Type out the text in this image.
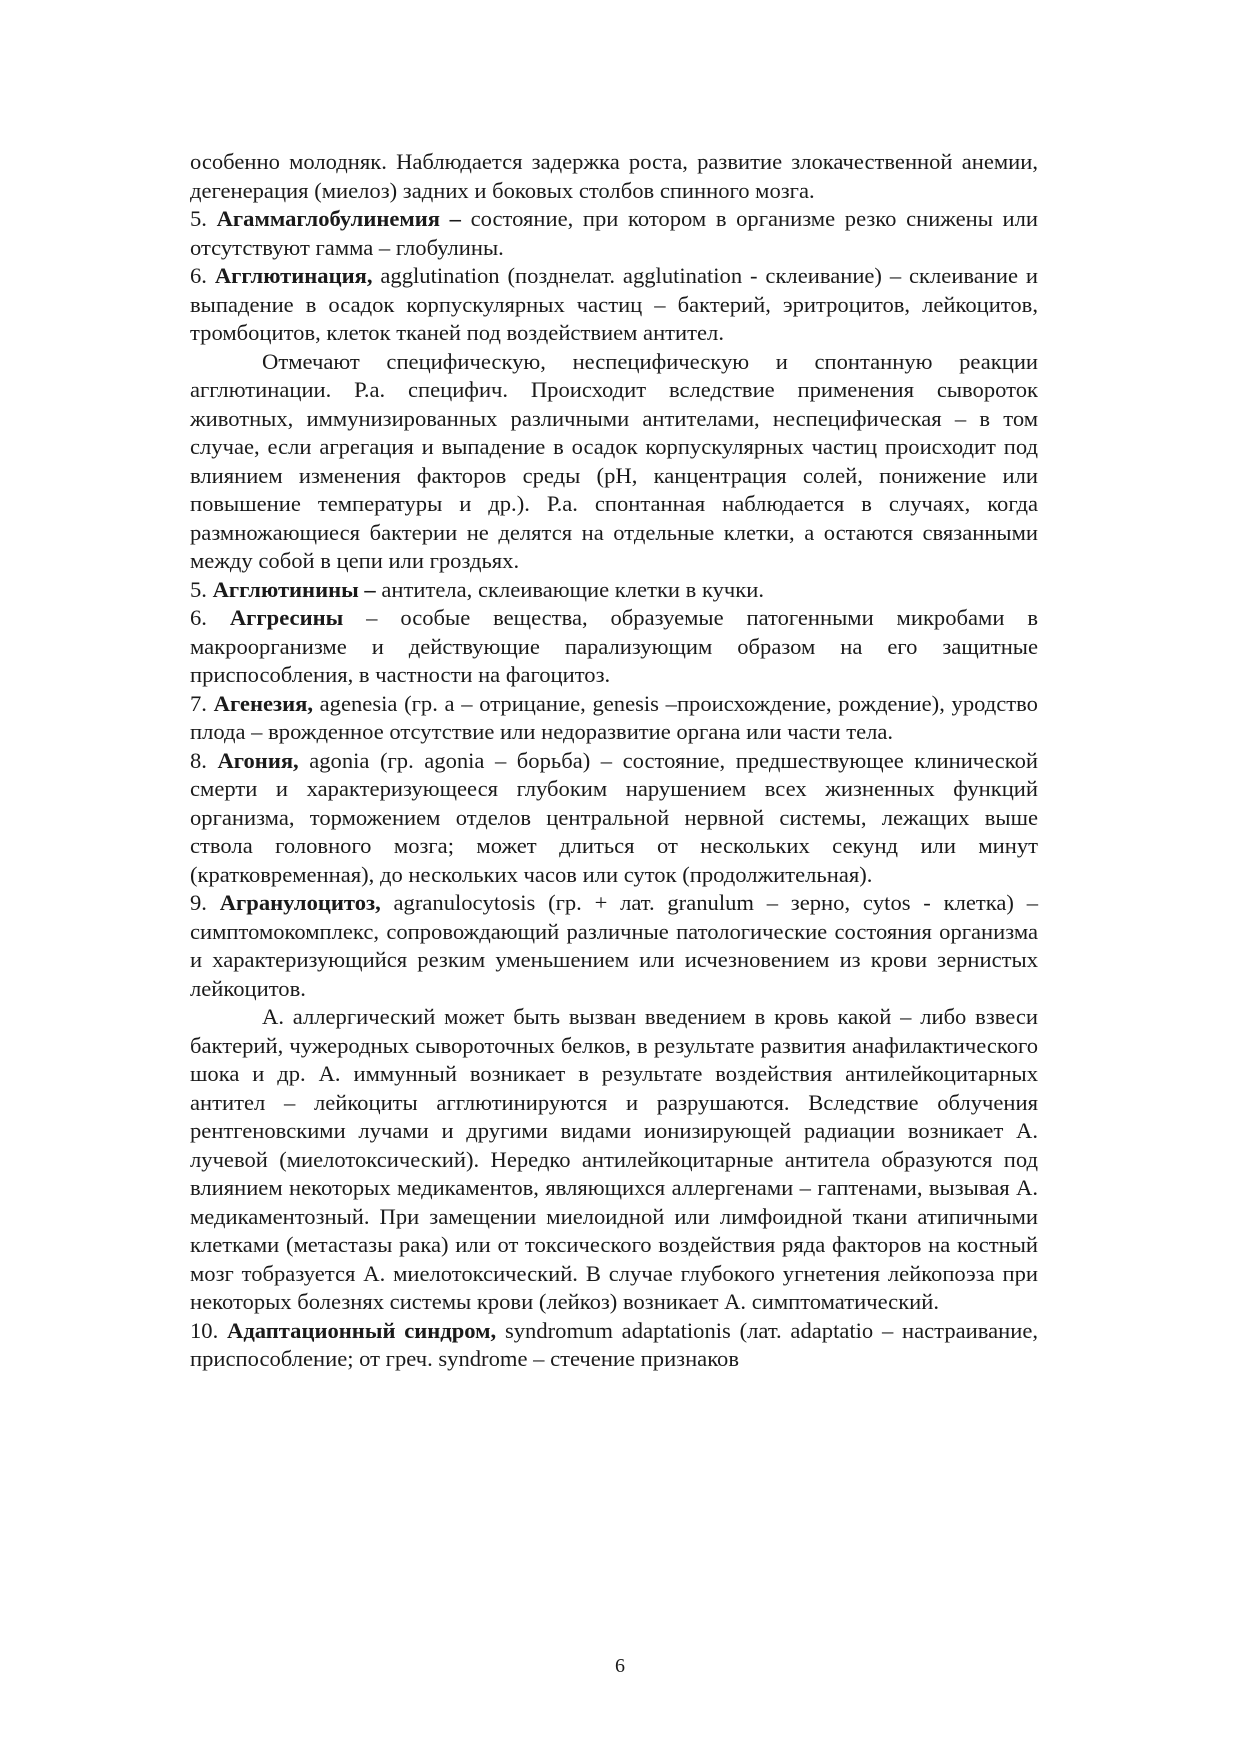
особенно молодняк. Наблюдается задержка роста, развитие злокачественной анемии, дегенерация (миелоз) задних и боковых столбов спинного мозга.

5. Агаммаглобулинемия – состояние, при котором в организме резко снижены или отсутствуют гамма – глобулины.

6. Агглютинация, agglutination (позднелат. agglutination - склеивание) – склеивание и выпадение в осадок корпускулярных частиц – бактерий, эритроцитов, лейкоцитов, тромбоцитов, клеток тканей под воздействием антител.

Отмечают специфическую, неспецифическую и спонтанную реакции агглютинации. Р.а. специфич. Происходит вследствие применения сывороток животных, иммунизированных различными антителами, неспецифическая – в том случае, если агрегация и выпадение в осадок корпускулярных частиц происходит под влиянием изменения факторов среды (pH, канцентрация солей, понижение или повышение температуры и др.). Р.а. спонтанная наблюдается в случаях, когда размножающиеся бактерии не делятся на отдельные клетки, а остаются связанными между собой в цепи или гроздьях.

5. Агглютинины – антитела, склеивающие клетки в кучки.

6. Аггресины – особые вещества, образуемые патогенными микробами в макроорганизме и действующие парализующим образом на его защитные приспособления, в частности на фагоцитоз.

7. Агенезия, agenesia (гр. а – отрицание, genesis –происхождение, рождение), уродство плода – врожденное отсутствие или недоразвитие органа или части тела.

8. Агония, agonia (гр. agonia – борьба) – состояние, предшествующее клинической смерти и характеризующееся глубоким нарушением всех жизненных функций организма, торможением отделов центральной нервной системы, лежащих выше ствола головного мозга; может длиться от нескольких секунд или минут (кратковременная), до нескольких часов или суток (продолжительная).

9. Агранулоцитоз, agranulocytosis (гр. + лат. granulum – зерно, cytos - клетка) – симптомокомплекс, сопровождающий различные патологические состояния организма и характеризующийся резким уменьшением или исчезновением из крови зернистых лейкоцитов.

А. аллергический может быть вызван введением в кровь какой – либо взвеси бактерий, чужеродных сывороточных белков, в результате развития анафилактического шока и др. А. иммунный возникает в результате воздействия антилейкоцитарных антител – лейкоциты агглютинируются и разрушаются. Вследствие облучения рентгеновскими лучами и другими видами ионизирующей радиации возникает А. лучевой (миелотоксический). Нередко антилейкоцитарные антитела образуются под влиянием некоторых медикаментов, являющихся аллергенами – гаптенами, вызывая А. медикаментозный. При замещении миелоидной или лимфоидной ткани атипичными клетками (метастазы рака) или от токсического воздействия ряда факторов на костный мозг тобразуется А. миелотоксический. В случае глубокого угнетения лейкопоэза при некоторых болезнях системы крови (лейкоз) возникает А. симптоматический.

10. Адаптационный синдром, syndromum adaptationis (лат. adaptatio – настраивание, приспособление; от греч. syndrome – стечение признаков

6
